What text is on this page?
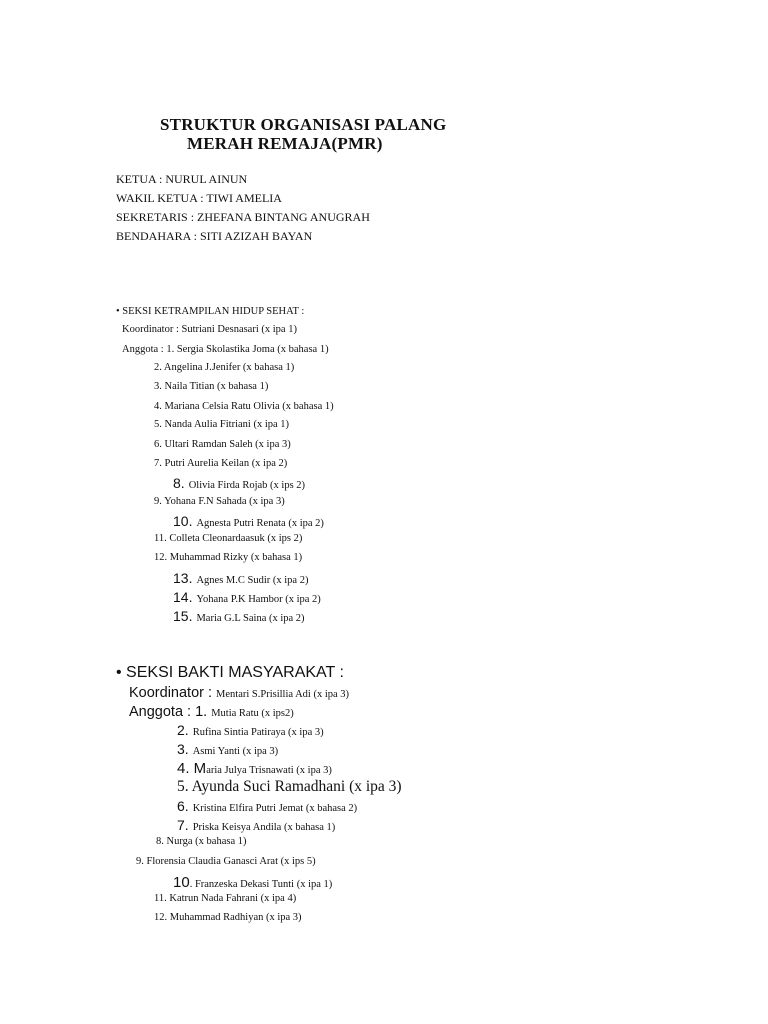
STRUKTUR ORGANISASI PALANG
MERAH REMAJA(PMR)
KETUA : NURUL AINUN
WAKIL KETUA : TIWI AMELIA
SEKRETARIS : ZHEFANA BINTANG ANUGRAH
BENDAHARA : SITI AZIZAH BAYAN
• SEKSI KETRAMPILAN HIDUP SEHAT :
Koordinator : Sutriani Desnasari (x ipa 1)
Anggota : 1. Sergia Skolastika Joma (x bahasa 1)
2. Angelina J.Jenifer (x bahasa 1)
3. Naila Titian (x bahasa 1)
4. Mariana Celsia Ratu Olivia (x bahasa 1)
5. Nanda Aulia Fitriani (x ipa 1)
6. Ultari Ramdan Saleh (x ipa 3)
7. Putri Aurelia Keilan (x ipa 2)
8. Olivia Firda Rojab (x ips 2)
9. Yohana F.N Sahada (x ipa 3)
10. Agnesta Putri Renata (x ipa 2)
11. Colleta Cleonardaasuk (x ips 2)
12. Muhammad Rizky (x bahasa 1)
13. Agnes M.C Sudir (x ipa 2)
14. Yohana P.K Hambor (x ipa 2)
15. Maria G.L Saina (x ipa 2)
• SEKSI BAKTI MASYARAKAT :
Koordinator : Mentari S.Prisillia Adi (x ipa 3)
Anggota : 1. Mutia Ratu (x ips2)
2. Rufina Sintia Patiraya (x ipa 3)
3. Asmi Yanti (x ipa 3)
4. Maria Julya Trisnawati (x ipa 3)
5. Ayunda Suci Ramadhani (x ipa 3)
6. Kristina Elfira Putri Jemat (x bahasa 2)
7. Priska Keisya Andila (x bahasa 1)
8. Nurga (x bahasa 1)
9. Florensia Claudia Ganasci Arat (x ips 5)
10. Franzeska Dekasi Tunti (x ipa 1)
11. Katrun Nada Fahrani (x ipa 4)
12. Muhammad Radhiyan (x ipa 3)
